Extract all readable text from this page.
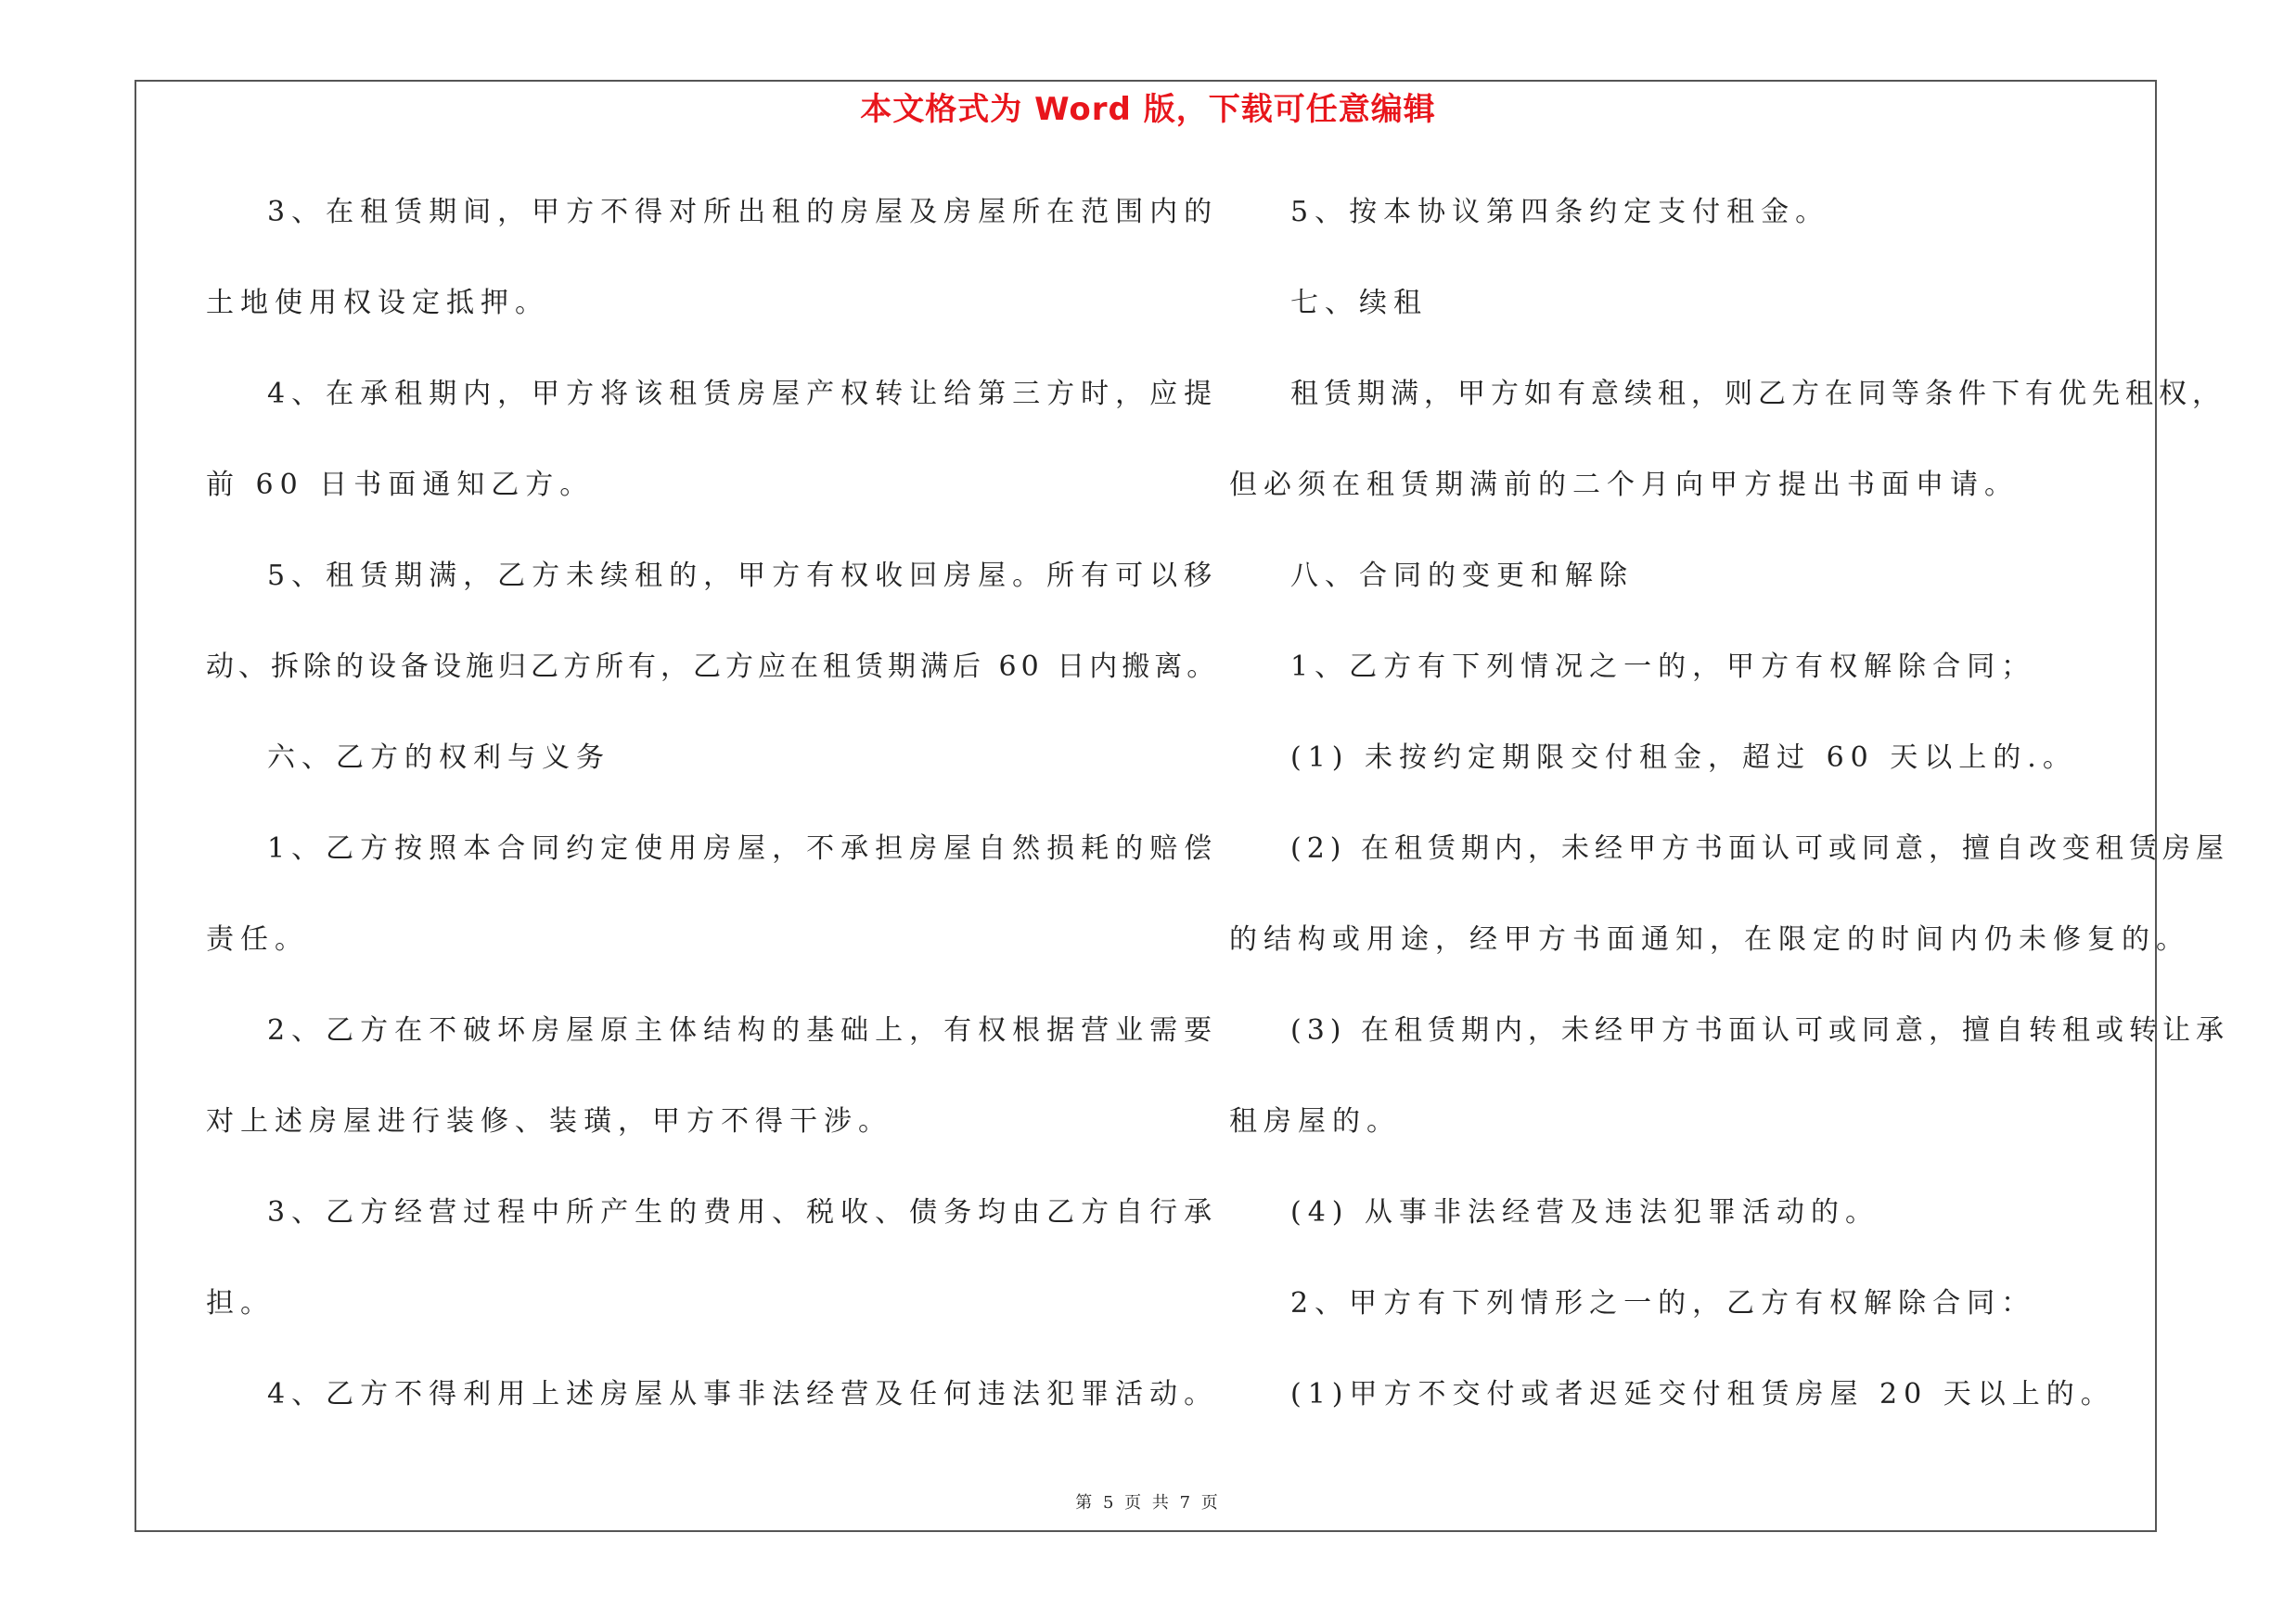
本文格式为 Word 版，下载可任意编辑
3、在租赁期间，甲方不得对所出租的房屋及房屋所在范围内的
土地使用权设定抵押。
4、在承租期内，甲方将该租赁房屋产权转让给第三方时，应提
前 60 日书面通知乙方。
5、租赁期满，乙方未续租的，甲方有权收回房屋。所有可以移
动、拆除的设备设施归乙方所有，乙方应在租赁期满后 60 日内搬离。
六、乙方的权利与义务
1、乙方按照本合同约定使用房屋，不承担房屋自然损耗的赔偿
责任。
2、乙方在不破坏房屋原主体结构的基础上，有权根据营业需要
对上述房屋进行装修、装璜，甲方不得干涉。
3、乙方经营过程中所产生的费用、税收、债务均由乙方自行承
担。
4、乙方不得利用上述房屋从事非法经营及任何违法犯罪活动。
5、按本协议第四条约定支付租金。
七、续租
租赁期满，甲方如有意续租，则乙方在同等条件下有优先租权，
但必须在租赁期满前的二个月向甲方提出书面申请。
八、合同的变更和解除
1、乙方有下列情况之一的，甲方有权解除合同；
(1) 未按约定期限交付租金，超过 60 天以上的.。
(2) 在租赁期内，未经甲方书面认可或同意，擅自改变租赁房屋
的结构或用途，经甲方书面通知，在限定的时间内仍未修复的。
(3) 在租赁期内，未经甲方书面认可或同意，擅自转租或转让承
租房屋的。
(4) 从事非法经营及违法犯罪活动的。
2、甲方有下列情形之一的，乙方有权解除合同：
(1)甲方不交付或者迟延交付租赁房屋 20 天以上的。
第 5 页 共 7 页
